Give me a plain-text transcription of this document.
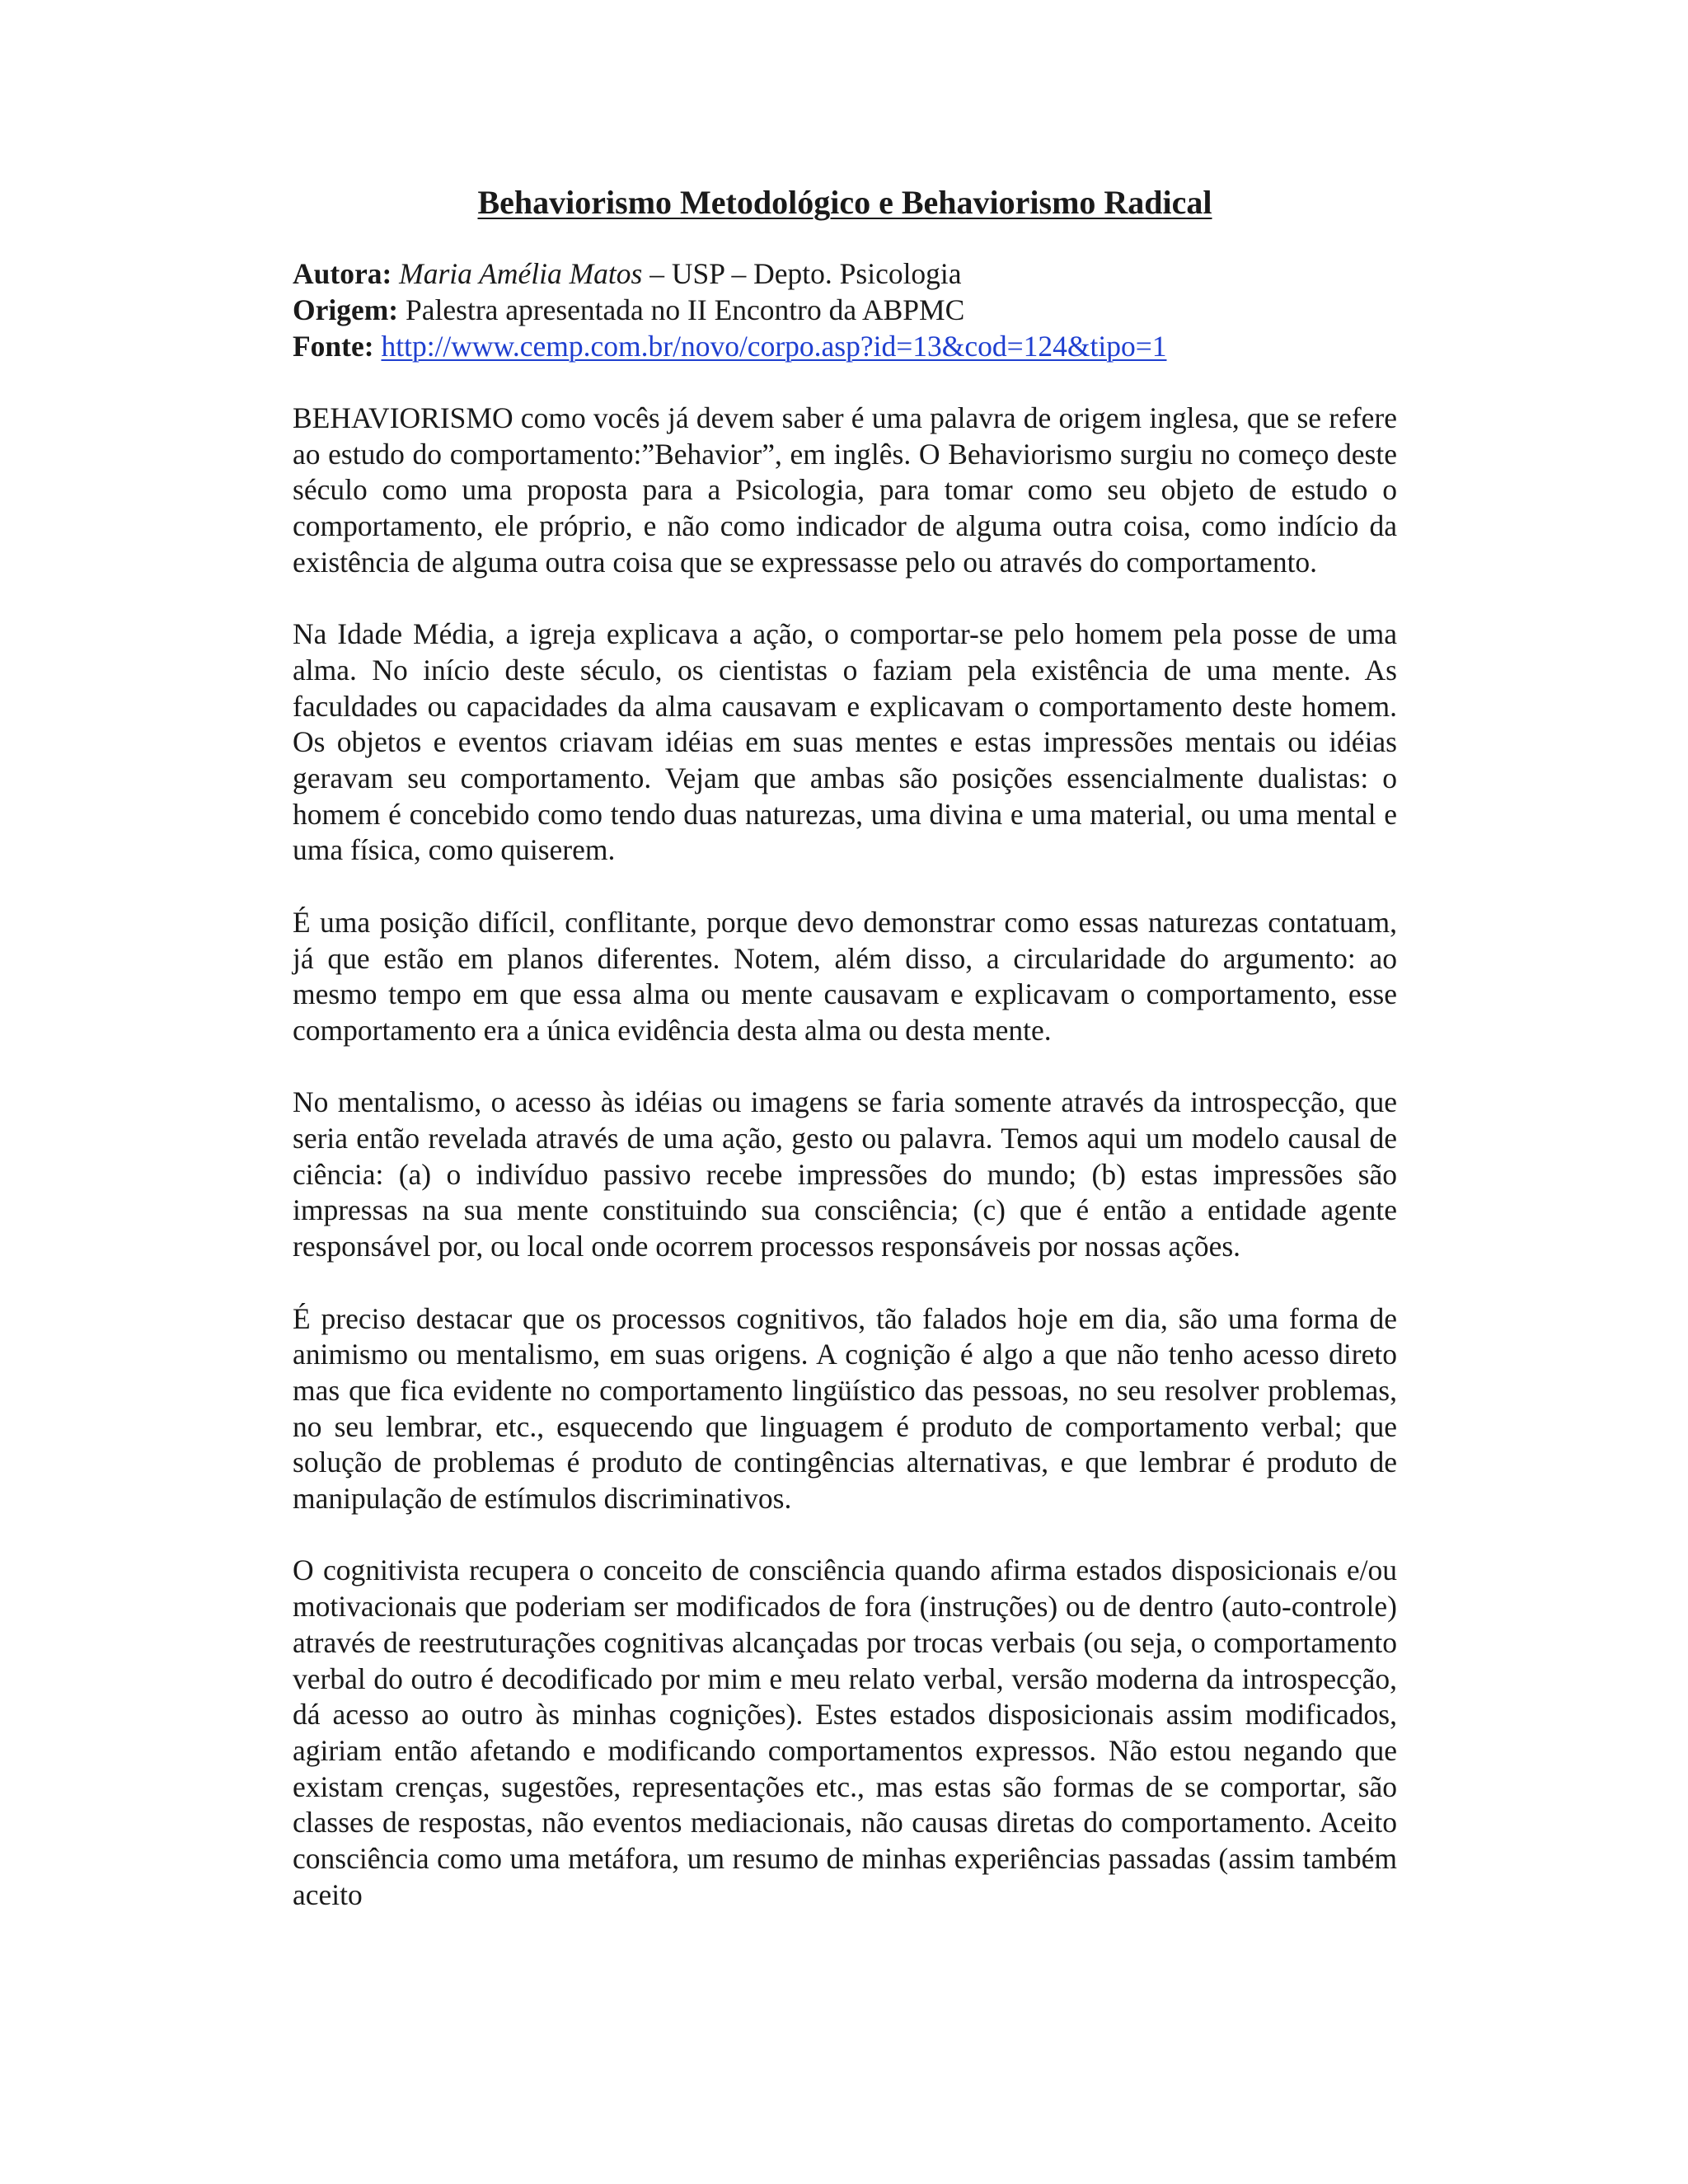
Behaviorismo Metodológico e Behaviorismo Radical

Autora: Maria Amélia Matos – USP – Depto. Psicologia

Origem: Palestra apresentada no II Encontro da ABPMC

Fonte: http://www.cemp.com.br/novo/corpo.asp?id=13&cod=124&tipo=1

BEHAVIORISMO como vocês já devem saber é uma palavra de origem inglesa, que se refere ao estudo do comportamento:”Behavior”, em inglês. O Behaviorismo surgiu no começo deste século como uma proposta para a Psicologia, para tomar como seu objeto de estudo o comportamento, ele próprio, e não como indicador de alguma outra coisa, como indício da existência de alguma outra coisa que se expressasse pelo ou através do comportamento.

Na Idade Média, a igreja explicava a ação, o comportar-se pelo homem pela posse de uma alma. No início deste século, os cientistas o faziam pela existência de uma mente. As faculdades ou capacidades da alma causavam e explicavam o comportamento deste homem. Os objetos e eventos criavam idéias em suas mentes e estas impressões mentais ou idéias geravam seu comportamento. Vejam que ambas são posições essencialmente dualistas: o homem é concebido como tendo duas naturezas, uma divina e uma material, ou uma mental e uma física, como quiserem.

É uma posição difícil, conflitante, porque devo demonstrar como essas naturezas contatuam, já que estão em planos diferentes. Notem, além disso, a circularidade do argumento: ao mesmo tempo em que essa alma ou mente causavam e explicavam o comportamento, esse comportamento era a única evidência desta alma ou desta mente.

No mentalismo, o acesso às idéias ou imagens se faria somente através da introspecção, que seria então revelada através de uma ação, gesto ou palavra. Temos aqui um modelo causal de ciência: (a) o indivíduo passivo recebe impressões do mundo; (b) estas impressões são impressas na sua mente constituindo sua consciência; (c) que é então a entidade agente responsável por, ou local onde ocorrem processos responsáveis por nossas ações.

É preciso destacar que os processos cognitivos, tão falados hoje em dia, são uma forma de animismo ou mentalismo, em suas origens. A cognição é algo a que não tenho acesso direto mas que fica evidente no comportamento lingüístico das pessoas, no seu resolver problemas, no seu lembrar, etc., esquecendo que linguagem é produto de comportamento verbal; que solução de problemas é produto de contingências alternativas, e que lembrar é produto de manipulação de estímulos discriminativos.

O cognitivista recupera o conceito de consciência quando afirma estados disposicionais e/ou motivacionais que poderiam ser modificados de fora (instruções) ou de dentro (auto-controle) através de reestruturações cognitivas alcançadas por trocas verbais (ou seja, o comportamento verbal do outro é decodificado por mim e meu relato verbal, versão moderna da introspecção, dá acesso ao outro às minhas cognições). Estes estados disposicionais assim modificados, agiriam então afetando e modificando comportamentos expressos. Não estou negando que existam crenças, sugestões, representações etc., mas estas são formas de se comportar, são classes de respostas, não eventos mediacionais, não causas diretas do comportamento. Aceito consciência como uma metáfora, um resumo de minhas experiências passadas (assim também aceito
